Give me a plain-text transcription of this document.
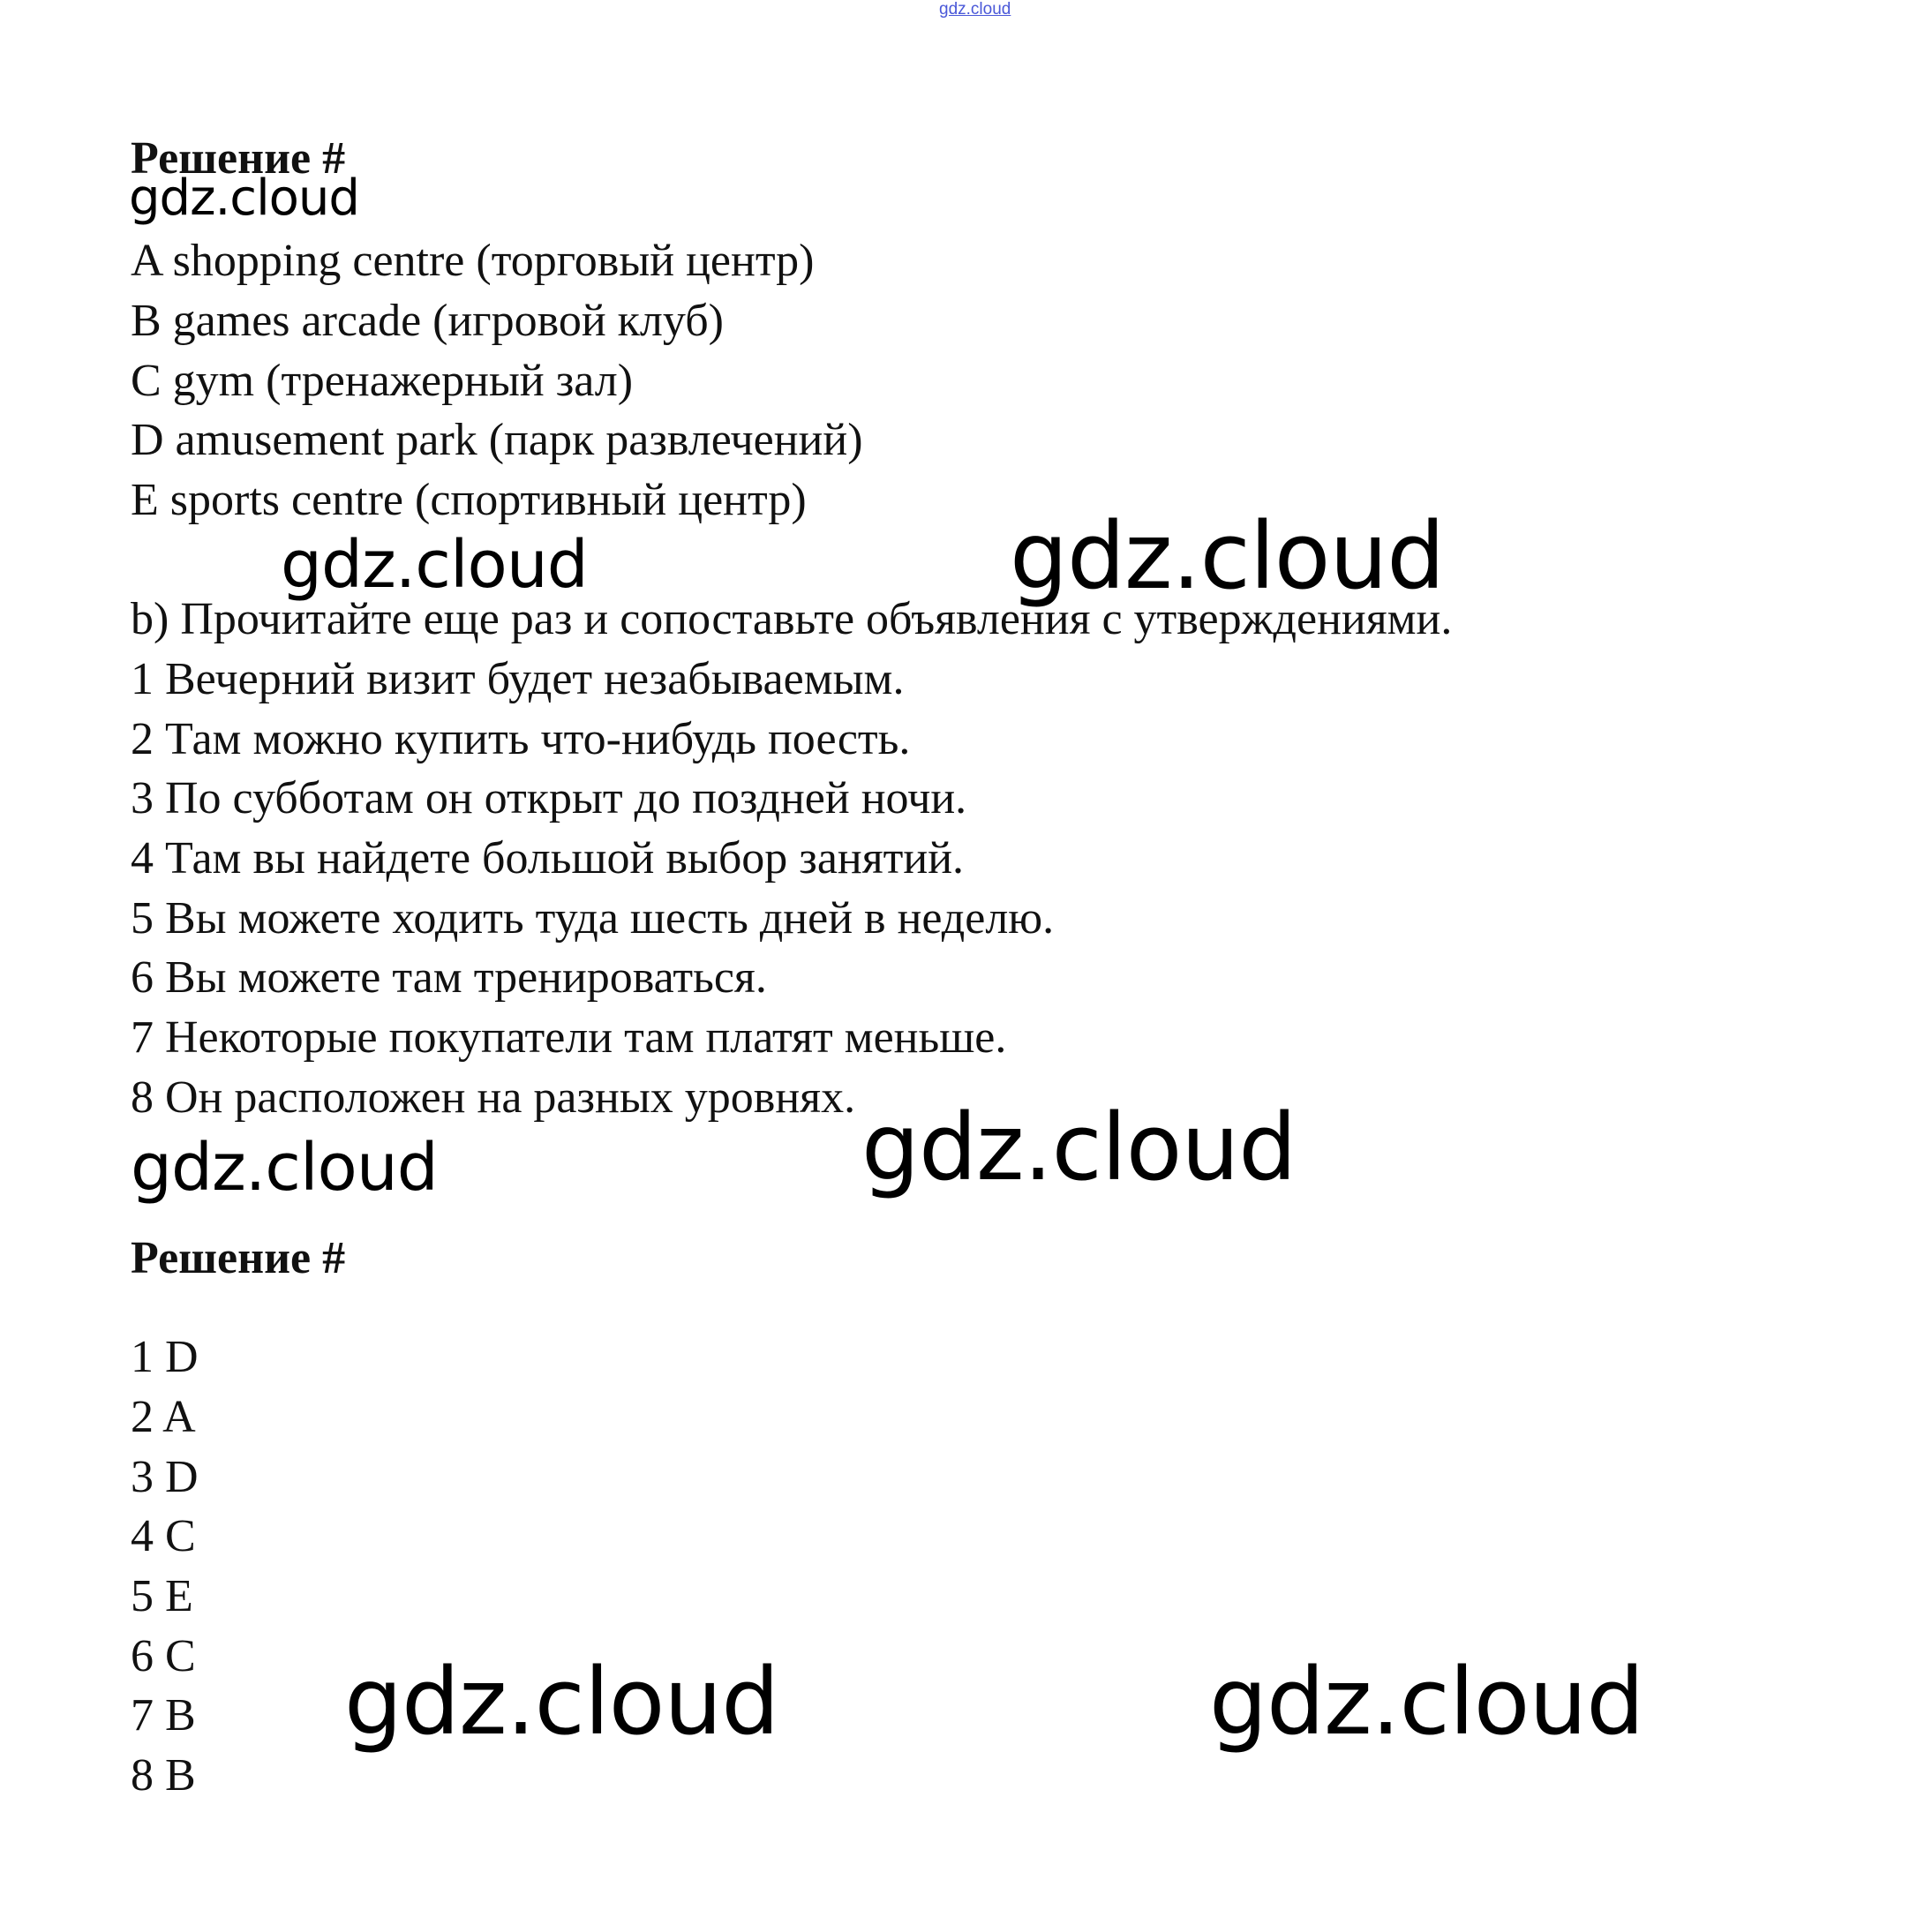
gdz.cloud
Решение #
gdz.cloud
A shopping centre (торговый центр)
B games arcade (игровой клуб)
C gym (тренажерный зал)
D amusement park (парк развлечений)
E sports centre (спортивный центр)
gdz.cloud	gdz.cloud
b) Прочитайте еще раз и сопоставьте объявления с утверждениями.
1 Вечерний визит будет незабываемым.
2 Там можно купить что-нибудь поесть.
3 По субботам он открыт до поздней ночи.
4 Там вы найдете большой выбор занятий.
5 Вы можете ходить туда шесть дней в неделю.
6 Вы можете там тренироваться.
7 Некоторые покупатели там платят меньше.
8 Он расположен на разных уровнях.
gdz.cloud	gdz.cloud
Решение #
1 D
2 A
3 D
4 C
5 E
6 C
7 B
8 B
gdz.cloud	gdz.cloud
